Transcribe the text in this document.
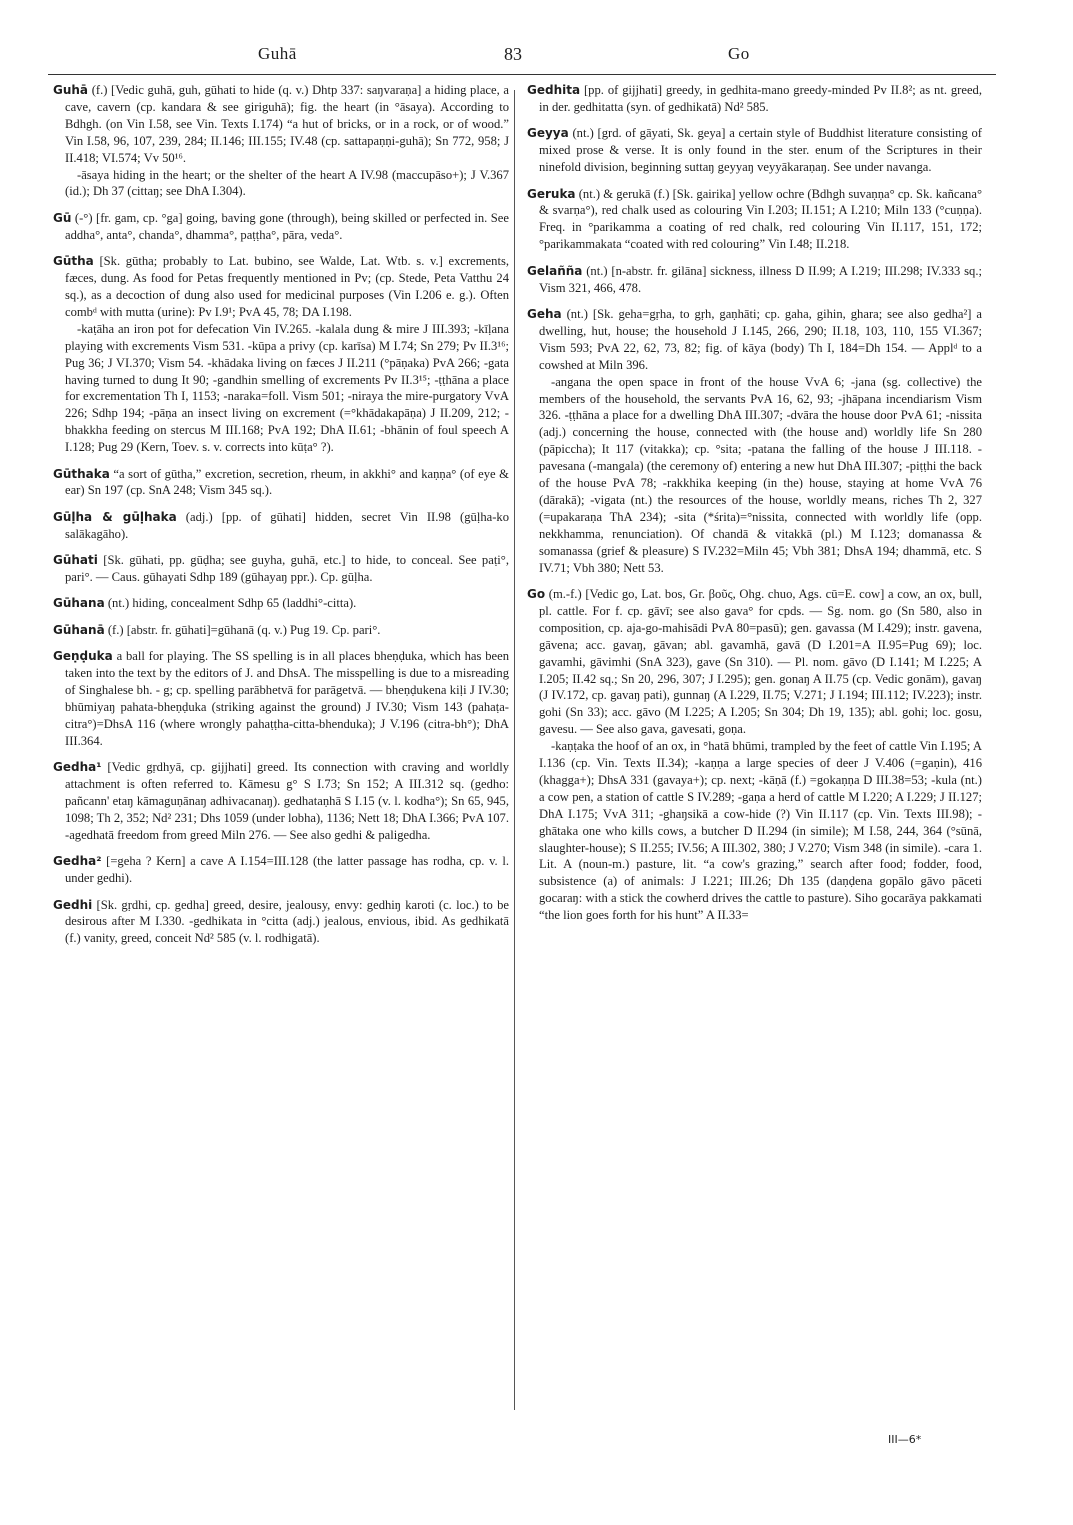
Guhā	83	Go

Guhā (f.) [Vedic guhā, guh, gūhati to hide (q. v.) Dhtp 337: saŋvaraṇa] a hiding place, a cave, cavern (cp. kandara & see giriguhā); fig. the heart (in °āsaya). According to Bdhgh. (on Vin I.58, see Vin. Texts I.174) “a hut of bricks, or in a rock, or of wood.” Vin I.58, 96, 107, 239, 284; II.146; III.155; IV.48 (cp. sattapaṇṇi-guhā); Sn 772, 958; J II.418; VI.574; Vv 50¹⁶.
-āsaya hiding in the heart; or the shelter of the heart A IV.98 (maccupāso+); J V.367 (id.); Dh 37 (cittaŋ; see DhA I.304).

Gū (-°) [fr. gam, cp. °ga] going, baving gone (through), being skilled or perfected in. See addha°, anta°, chanda°, dhamma°, paṭṭha°, pāra, veda°.

Gūtha [Sk. gūtha; probably to Lat. bubino, see Walde, Lat. Wtb. s. v.] excrements, fæces, dung. As food for Petas frequently mentioned in Pv; (cp. Stede, Peta Vatthu 24 sq.), as a decoction of dung also used for medicinal purposes (Vin I.206 e. g.). Often combᵈ with mutta (urine): Pv I.9¹; PvA 45, 78; DA I.198.
-kaṭāha an iron pot for defecation Vin IV.265. -kalala dung & mire J III.393; -kīḷana playing with excrements Vism 531. -kūpa a privy (cp. karīsa) M I.74; Sn 279; Pv II.3¹⁶; Pug 36; J VI.370; Vism 54. -khādaka living on fæces J II.211 (°pāṇaka) PvA 266; -gata having turned to dung It 90; -gandhin smelling of excrements Pv II.3¹⁵; -ṭṭhāna a place for excrementation Th I, 1153; -naraka=foll. Vism 501; -niraya the mire-purgatory VvA 226; Sdhp 194; -pāṇa an insect living on excrement (=°khādakapāṇa) J II.209, 212; -bhakkha feeding on stercus M III.168; PvA 192; DhA II.61; -bhānin of foul speech A I.128; Pug 29 (Kern, Toev. s. v. corrects into kūṭa° ?).

Gūthaka “a sort of gūtha,” excretion, secretion, rheum, in akkhi° and kaṇṇa° (of eye & ear) Sn 197 (cp. SnA 248; Vism 345 sq.).

Gūḷha & gūḷhaka (adj.) [pp. of gūhati] hidden, secret Vin II.98 (gūḷha-ko salākagāho).

Gūhati [Sk. gūhati, pp. gūḍha; see guyha, guhā, etc.] to hide, to conceal. See paṭi°, pari°. — Caus. gūhayati Sdhp 189 (gūhayaŋ ppr.). Cp. gūḷha.

Gūhana (nt.) hiding, concealment Sdhp 65 (laddhi°-citta).

Gūhanā (f.) [abstr. fr. gūhati]=gūhanā (q. v.) Pug 19. Cp. pari°.

Geṇḍuka a ball for playing. The SS spelling is in all places bheṇḍuka, which has been taken into the text by the editors of J. and DhsA. The misspelling is due to a misreading of Singhalese bh. - g; cp. spelling parābhetvā for parāgetvā. — bheṇḍukena kiḷi J IV.30; bhūmiyaŋ pahata-bheṇḍuka (striking against the ground) J IV.30; Vism 143 (pahaṭa-citra°)=DhsA 116 (where wrongly pahaṭṭha-citta-bhenduka); J V.196 (citra-bh°); DhA III.364.

Gedha¹ [Vedic gṛdhyā, cp. gijjhati] greed. Its connection with craving and worldly attachment is often referred to. Kāmesu g° S I.73; Sn 152; A III.312 sq. (gedho: pañcann' etaŋ kāmaguṇānaŋ adhivacanaŋ). gedhataṇhā S I.15 (v. l. kodha°); Sn 65, 945, 1098; Th 2, 352; Nd² 231; Dhs 1059 (under lobha), 1136; Nett 18; DhA I.366; PvA 107. -agedhatā freedom from greed Miln 276. — See also gedhi & paligedha.

Gedha² [=geha ? Kern] a cave A I.154=III.128 (the latter passage has rodha, cp. v. l. under gedhi).

Gedhi [Sk. gṛdhi, cp. gedha] greed, desire, jealousy, envy: gedhiŋ karoti (c. loc.) to be desirous after M I.330. -gedhikata in °citta (adj.) jealous, envious, ibid. As gedhikatā (f.) vanity, greed, conceit Nd² 585 (v. l. rodhigatā).

Gedhita [pp. of gijjhati] greedy, in gedhita-mano greedy-minded Pv II.8²; as nt. greed, in der. gedhitatta (syn. of gedhikatā) Nd² 585.

Geyya (nt.) [grd. of gāyati, Sk. geya] a certain style of Buddhist literature consisting of mixed prose & verse. It is only found in the ster. enum of the Scriptures in their ninefold division, beginning suttaŋ geyyaŋ veyyākaraṇaŋ. See under navanga.

Geruka (nt.) & gerukā (f.) [Sk. gairika] yellow ochre (Bdhgh suvaṇṇa° cp. Sk. kañcana° & svarṇa°), red chalk used as colouring Vin I.203; II.151; A I.210; Miln 133 (°cuṇṇa). Freq. in °parikamma a coating of red chalk, red colouring Vin II.117, 151, 172; °parikammakata “coated with red colouring” Vin I.48; II.218.

Gelañña (nt.) [n-abstr. fr. gilāna] sickness, illness D II.99; A I.219; III.298; IV.333 sq.; Vism 321, 466, 478.

Geha (nt.) [Sk. geha=gṛha, to gṛh, gaṇhāti; cp. gaha, gihin, ghara; see also gedha²] a dwelling, hut, house; the household J I.145, 266, 290; II.18, 103, 110, 155 VI.367; Vism 593; PvA 22, 62, 73, 82; fig. of kāya (body) Th I, 184=Dh 154. — Applᵈ to a cowshed at Miln 396.
-angana the open space in front of the house VvA 6; -jana (sg. collective) the members of the household, the servants PvA 16, 62, 93; -jhāpana incendiarism Vism 326. -ṭṭhāna a place for a dwelling DhA III.307; -dvāra the house door PvA 61; -nissita (adj.) concerning the house, connected with (the house and) worldly life Sn 280 (pāpiccha); It 117 (vitakka); cp. °sita; -patana the falling of the house J III.118. -pavesana (-mangala) (the ceremony of) entering a new hut DhA III.307; -piṭṭhi the back of the house PvA 78; -rakkhika keeping (in the) house, staying at home VvA 76 (dārakā); -vigata (nt.) the resources of the house, worldly means, riches Th 2, 327 (=upakaraṇa ThA 234); -sita (*śrita)=°nissita, connected with worldly life (opp. nekkhamma, renunciation). Of chandā & vitakkā (pl.) M I.123; domanassa & somanassa (grief & pleasure) S IV.232=Miln 45; Vbh 381; DhsA 194; dhammā, etc. S IV.71; Vbh 380; Nett 53.

Go (m.-f.) [Vedic go, Lat. bos, Gr. βοῦς, Ohg. chuo, Ags. cū=E. cow] a cow, an ox, bull, pl. cattle. For f. cp. gāvī; see also gava° for cpds. — Sg. nom. go (Sn 580, also in composition, cp. aja-go-mahisādi PvA 80=pasū); gen. gavassa (M I.429); instr. gavena, gāvena; acc. gavaŋ, gāvan; abl. gavamhā, gavā (D I.201=A II.95=Pug 69); loc. gavamhi, gāvimhi (SnA 323), gave (Sn 310). — Pl. nom. gāvo (D I.141; M I.225; A I.205; II.42 sq.; Sn 20, 296, 307; J I.295); gen. gonaŋ A II.75 (cp. Vedic gonām), gavaŋ (J IV.172, cp. gavaŋ pati), gunnaŋ (A I.229, II.75; V.271; J I.194; III.112; IV.223); instr. gohi (Sn 33); acc. gāvo (M I.225; A I.205; Sn 304; Dh 19, 135); abl. gohi; loc. gosu, gavesu. — See also gava, gavesati, goṇa.
-kaṇṭaka the hoof of an ox, in °hatā bhūmi, trampled by the feet of cattle Vin I.195; A I.136 (cp. Vin. Texts II.34); -kaṇṇa a large species of deer J V.406 (=gaṇin), 416 (khagga+); DhsA 331 (gavaya+); cp. next; -kāṇā (f.) =gokaṇṇa D III.38=53; -kula (nt.) a cow pen, a station of cattle S IV.289; -gaṇa a herd of cattle M I.220; A I.229; J II.127; DhA I.175; VvA 311; -ghaŋsikā a cow-hide (?) Vin II.117 (cp. Vin. Texts III.98); -ghātaka one who kills cows, a butcher D II.294 (in simile); M I.58, 244, 364 (°sūnā, slaughter-house); S II.255; IV.56; A III.302, 380; J V.270; Vism 348 (in simile). -cara 1. Lit. A (noun-m.) pasture, lit. “a cow's grazing,” search after food; fodder, food, subsistence (a) of animals: J I.221; III.26; Dh 135 (daṇḍena gopālo gāvo pāceti gocaraŋ: with a stick the cowherd drives the cattle to pasture). Siho gocarāya pakkamati “the lion goes forth for his hunt” A II.33=

III—6*
